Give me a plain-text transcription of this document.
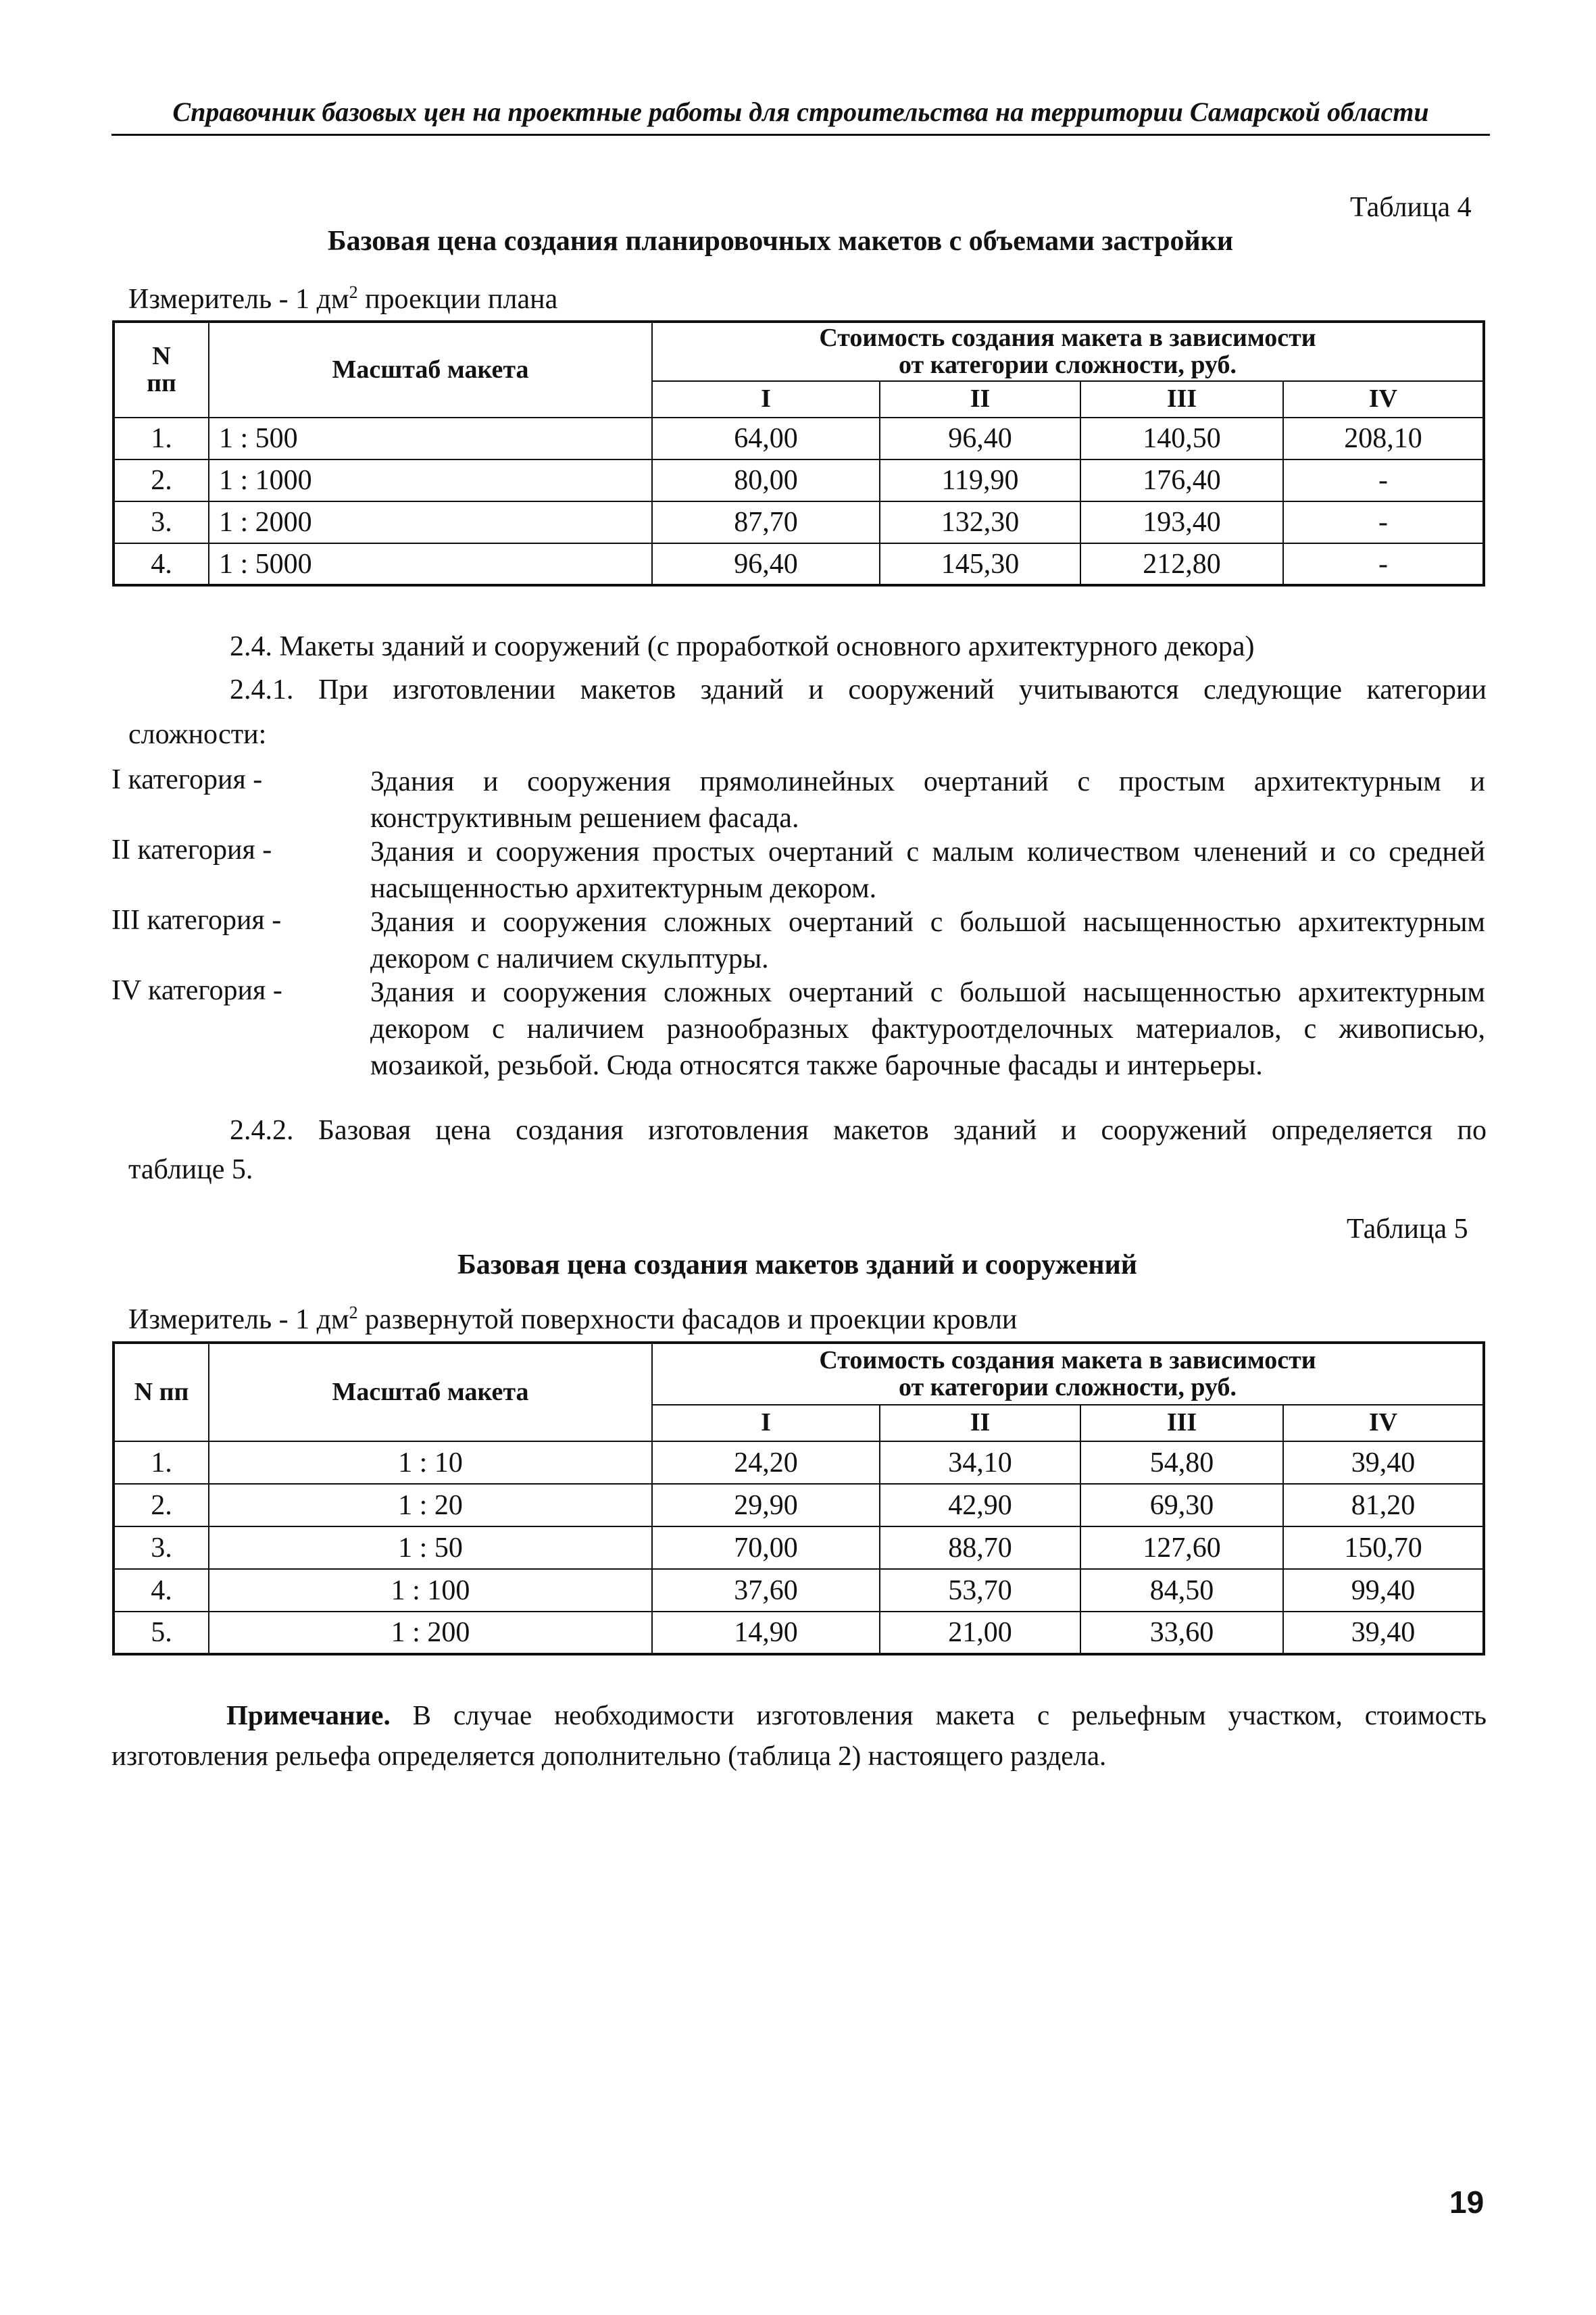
Справочник базовых цен на проектные работы для строительства на территории Самарской области
Таблица 4
Базовая цена создания планировочных макетов с объемами застройки
Измеритель - 1 $дм^2$ проекции плана
N
пп	Масштаб макета	Стоимость создания макета в зависимости
от категории сложности, руб.			
		I	II	III	IV
1.	1 : 500	64,00	96,40	140,50	208,10
2.	1 : 1000	80,00	119,90	176,40	-
3.	1 : 2000	87,70	132,30	193,40	-
4.	1 : 5000	96,40	145,30	212,80	-
2.4. Макеты зданий и сооружений (с проработкой основного архитектурного декора)
2.4.1. При изготовлении макетов зданий и сооружений учитываются следующие категории
сложности:
I категория -	Здания и сооружения прямолинейных очертаний с простым архитектурным и конструктивным решением фасада.
II категория -	Здания и сооружения простых очертаний с малым количеством членений и со средней насыщенностью архитектурным декором.
III категория -	Здания и сооружения сложных очертаний с большой насыщенностью архитектурным декором с наличием скульптуры.
IV категория -	Здания и сооружения сложных очертаний с большой насыщенностью архитектурным декором с наличием разнообразных фактуроотделочных материалов, с живописью, мозаикой, резьбой. Сюда относятся также барочные фасады и интерьеры.
2.4.2. Базовая цена создания изготовления макетов зданий и сооружений определяется по
таблице 5.
Таблица 5
Базовая цена создания макетов зданий и сооружений
Измеритель - 1 $дм^2$ развернутой поверхности фасадов и проекции кровли
N пп	Масштаб макета	Стоимость создания макета в зависимости
от категории сложности, руб.			
		I	II	III	IV
1.	1 : 10	24,20	34,10	54,80	39,40
2.	1 : 20	29,90	42,90	69,30	81,20
3.	1 : 50	70,00	88,70	127,60	150,70
4.	1 : 100	37,60	53,70	84,50	99,40
5.	1 : 200	14,90	21,00	33,60	39,40
Примечание. В случае необходимости изготовления макета с рельефным участком, стоимость изготовления рельефа определяется дополнительно (таблица 2) настоящего раздела.
19
